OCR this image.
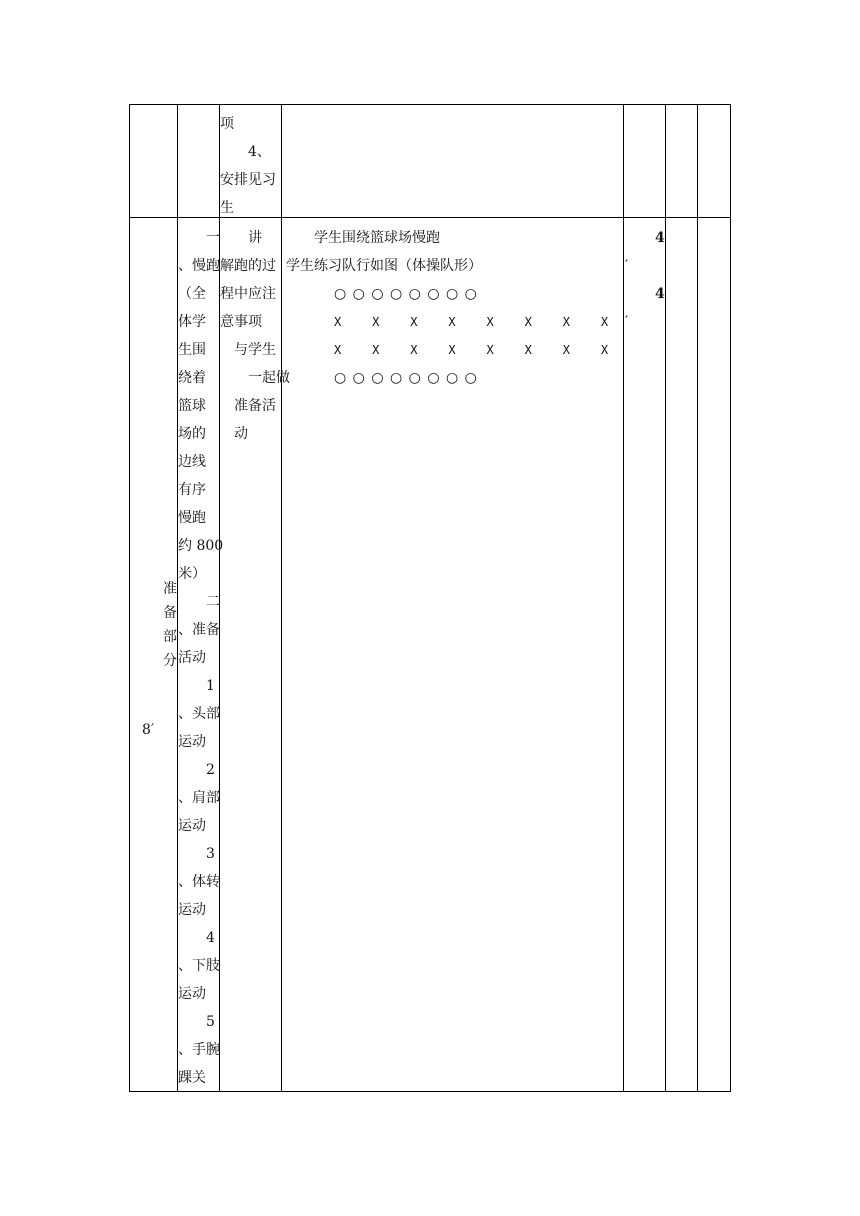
项
　　4、
安排见习
生
准
备
部
分
8′
　　一
、慢跑
（全
体学
生围
绕着
篮球
场的
边线
有序
慢跑
约 800
米）
　　二
、准备
活动
　　1
、头部
运动
　　2
、肩部
运动
　　3
、体转
运动
　　4
、下肢
运动
　　5
、手腕
踝关
　　讲
解跑的过
程中应注
意事项
　与学生
　　一起做
　准备活
　动
　　学生围绕篮球场慢跑
学生练习队行如图（体操队形）
○ ○ ○ ○ ○ ○ ○ ○
X    X    X    X    X    X    X    X
X    X    X    X    X    X    X    X
○ ○ ○ ○ ○ ○ ○ ○
4
′
4
′
